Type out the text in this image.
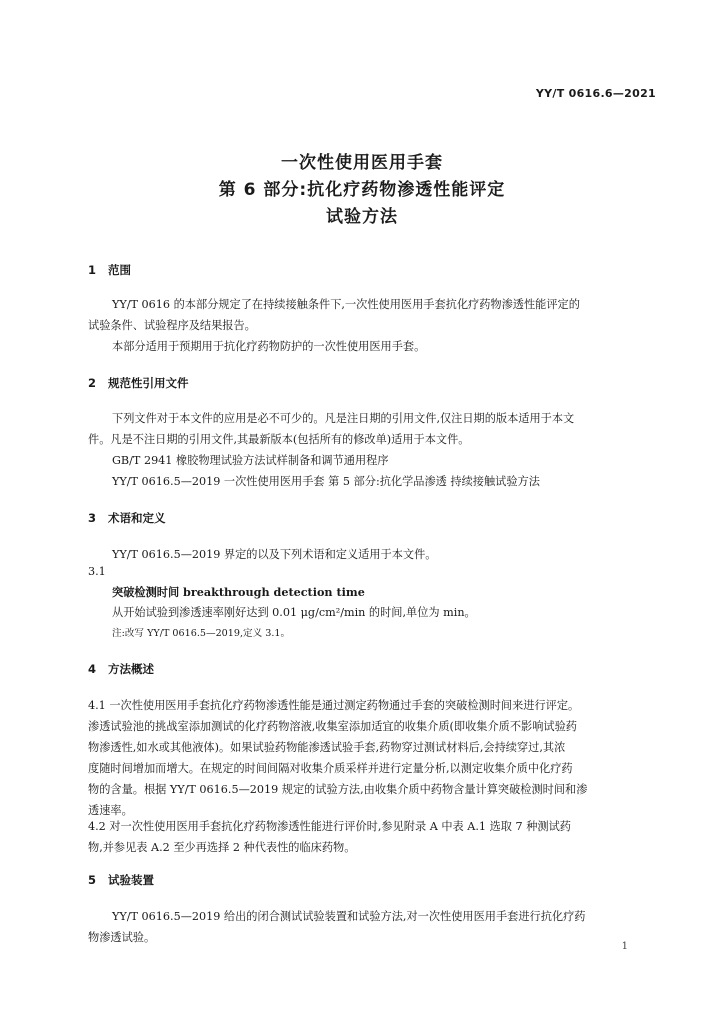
YY/T 0616.6—2021
一次性使用医用手套
第 6 部分:抗化疗药物渗透性能评定
试验方法
1 范围
YY/T 0616 的本部分规定了在持续接触条件下,一次性使用医用手套抗化疗药物渗透性能评定的
试验条件、试验程序及结果报告。
本部分适用于预期用于抗化疗药物防护的一次性使用医用手套。
2 规范性引用文件
下列文件对于本文件的应用是必不可少的。凡是注日期的引用文件,仅注日期的版本适用于本文
件。凡是不注日期的引用文件,其最新版本(包括所有的修改单)适用于本文件。
GB/T 2941 橡胶物理试验方法试样制备和调节通用程序
YY/T 0616.5—2019 一次性使用医用手套 第 5 部分:抗化学品渗透 持续接触试验方法
3 术语和定义
YY/T 0616.5—2019 界定的以及下列术语和定义适用于本文件。
3.1
突破检测时间 breakthrough detection time
从开始试验到渗透速率刚好达到 0.01 μg/cm²/min 的时间,单位为 min。
注:改写 YY/T 0616.5—2019,定义 3.1。
4 方法概述
4.1 一次性使用医用手套抗化疗药物渗透性能是通过测定药物通过手套的突破检测时间来进行评定。
渗透试验池的挑战室添加测试的化疗药物溶液,收集室添加适宜的收集介质(即收集介质不影响试验药
物渗透性,如水或其他液体)。如果试验药物能渗透试验手套,药物穿过测试材料后,会持续穿过,其浓
度随时间增加而增大。在规定的时间间隔对收集介质采样并进行定量分析,以测定收集介质中化疗药
物的含量。根据 YY/T 0616.5—2019 规定的试验方法,由收集介质中药物含量计算突破检测时间和渗
透速率。
4.2 对一次性使用医用手套抗化疗药物渗透性能进行评价时,参见附录 A 中表 A.1 选取 7 种测试药
物,并参见表 A.2 至少再选择 2 种代表性的临床药物。
5 试验装置
YY/T 0616.5—2019 给出的闭合测试试验装置和试验方法,对一次性使用医用手套进行抗化疗药
物渗透试验。
1
